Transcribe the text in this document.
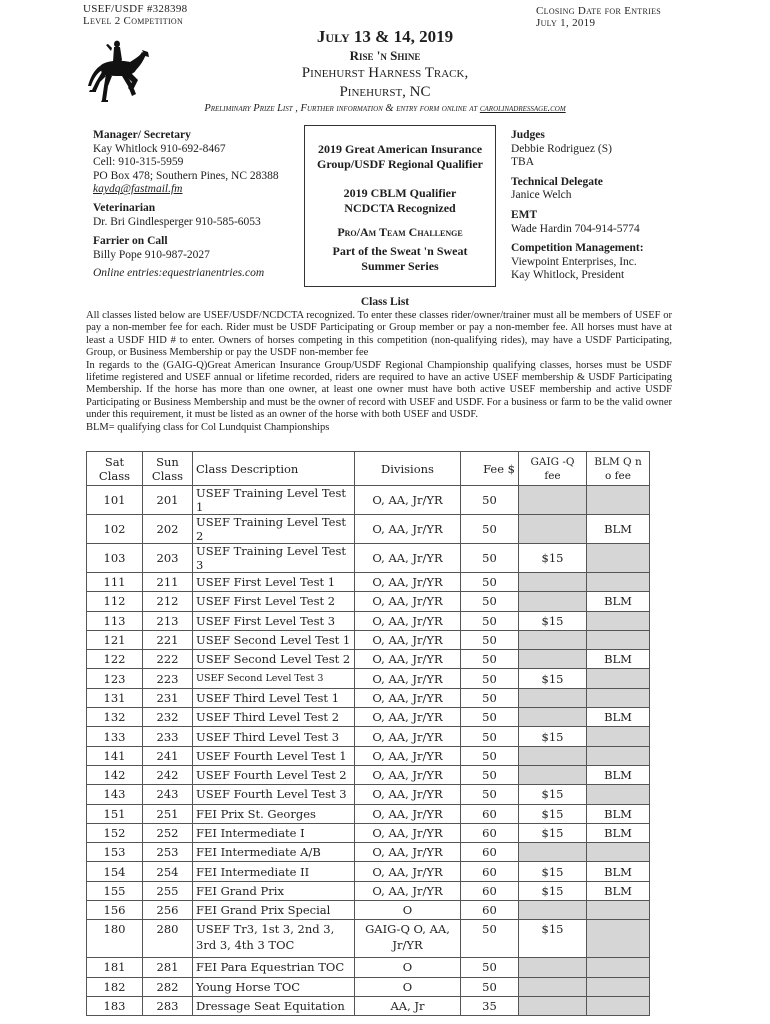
USEF/USDF #328398
Level 2 Competition
Closing Date for Entries
July 1, 2019
July 13 & 14, 2019
Rise 'n Shine
Pinehurst Harness Track,
Pinehurst, NC
Preliminary Prize List , Further information & entry form online at carolinadressage.com
Manager/ Secretary
Kay Whitlock 910-692-8467
Cell: 910-315-5959
PO Box 478; Southern Pines, NC 28388
kaydq@fastmail.fm
Veterinarian
Dr. Bri Gindlesperger 910-585-6053
Farrier on Call
Billy Pope 910-987-2027
Online entries:equestrianentries.com
2019 Great American Insurance
Group/USDF Regional Qualifier
2019 CBLM Qualifier
NCDCTA Recognized
Pro/Am Team Challenge
Part of the Sweat 'n Sweat
Summer Series
Judges
Debbie Rodriguez (S)
TBA
Technical Delegate
Janice Welch
EMT
Wade Hardin 704-914-5774
Competition Management:
Viewpoint Enterprises, Inc.
Kay Whitlock, President
Class List

All classes listed below are USEF/USDF/NCDCTA recognized. To enter these classes rider/owner/trainer must all be members of USEF or pay a non-member fee for each. Rider must be USDF Participating or Group member or pay a non-member fee. All horses must have at least a USDF HID # to enter. Owners of horses competing in this competition (non-qualifying rides), may have a USDF Participating, Group, or Business Membership or pay the USDF non-member fee

In regards to the (GAIG-Q)Great American Insurance Group/USDF Regional Championship qualifying classes, horses must be USDF lifetime registered and USEF annual or lifetime recorded, riders are required to have an active USEF membership & USDF Participating Membership. If the horse has more than one owner, at least one owner must have both active USEF membership and active USDF Participating or Business Membership and must be the owner of record with USEF and USDF. For a business or farm to be the valid owner under this requirement, it must be listed as an owner of the horse with both USEF and USDF.

BLM= qualifying class for Col Lundquist Championships

Sat Class	Sun Class	Class Description	Divisions	Fee $	GAIG -Q fee	BLM Q n o fee
101	201	USEF Training Level Test 1	O, AA, Jr/YR	50		
102	202	USEF Training Level Test 2	O, AA, Jr/YR	50		BLM
103	203	USEF Training Level Test 3	O, AA, Jr/YR	50	$15	
111	211	USEF First Level Test 1	O, AA, Jr/YR	50		
112	212	USEF First Level Test 2	O, AA, Jr/YR	50		BLM
113	213	USEF First Level Test 3	O, AA, Jr/YR	50	$15	
121	221	USEF Second Level Test 1	O, AA, Jr/YR	50		
122	222	USEF Second Level Test 2	O, AA, Jr/YR	50		BLM
123	223	USEF Second Level Test 3	O, AA, Jr/YR	50	$15	
131	231	USEF Third Level Test 1	O, AA, Jr/YR	50		
132	232	USEF Third Level Test 2	O, AA, Jr/YR	50		BLM
133	233	USEF Third Level Test 3	O, AA, Jr/YR	50	$15	
141	241	USEF Fourth Level Test 1	O, AA, Jr/YR	50		
142	242	USEF Fourth Level Test 2	O, AA, Jr/YR	50		BLM
143	243	USEF Fourth Level Test 3	O, AA, Jr/YR	50	$15	
151	251	FEI Prix St. Georges	O, AA, Jr/YR	60	$15	BLM
152	252	FEI Intermediate I	O, AA, Jr/YR	60	$15	BLM
153	253	FEI Intermediate A/B	O, AA, Jr/YR	60		
154	254	FEI Intermediate II	O, AA, Jr/YR	60	$15	BLM
155	255	FEI Grand Prix	O, AA, Jr/YR	60	$15	BLM
156	256	FEI Grand Prix Special	O	60		
180	280	USEF Tr3, 1st 3, 2nd 3, 3rd 3, 4th 3 TOC	GAIG-Q O, AA, Jr/YR	50	$15	
181	281	FEI Para Equestrian TOC	O	50		
182	282	Young Horse TOC	O	50		
183	283	Dressage Seat Equitation	AA, Jr	35		
